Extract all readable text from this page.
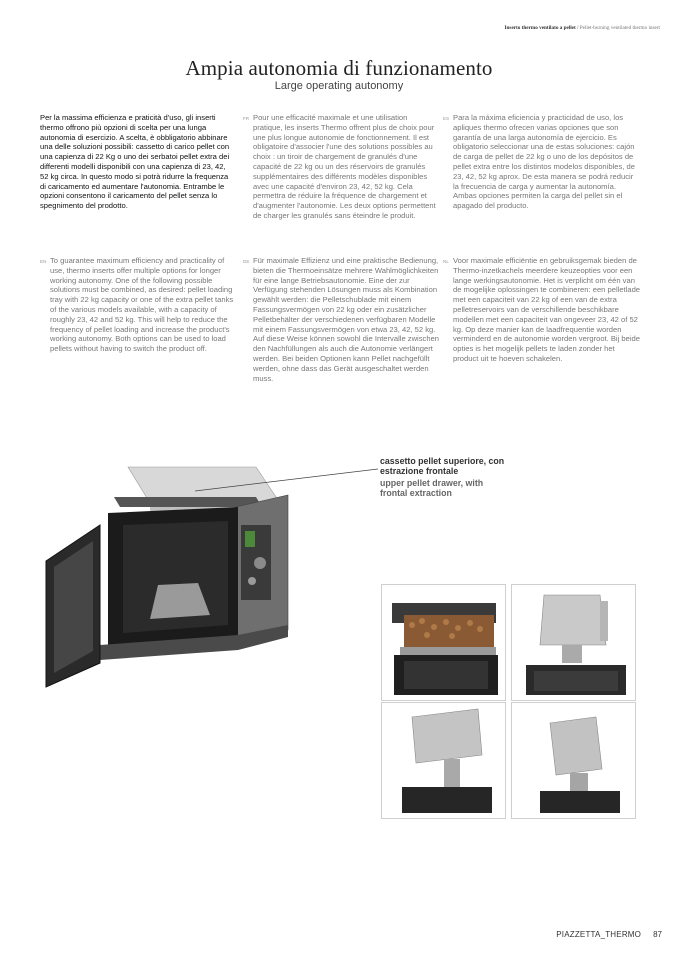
Inserto thermo ventilato a pellet / Pellet-burning ventilated thermo insert
Ampia autonomia di funzionamento
Large operating autonomy
Per la massima efficienza e praticità d'uso, gli inserti thermo offrono più opzioni di scelta per una lunga autonomia di esercizio. A scelta, è obbligatorio abbinare una delle soluzioni possibili: cassetto di carico pellet con una capienza di 22 Kg o uno dei serbatoi pellet extra dei differenti modelli disponibili con una capienza di 23, 42, 52 kg circa. In questo modo si potrà ridurre la frequenza di caricamento ed aumentare l'autonomia. Entrambe le opzioni consentono il caricamento del pellet senza lo spegnimento del prodotto.
FR Pour une efficacité maximale et une utilisation pratique, les inserts Thermo offrent plus de choix pour une plus longue autonomie de fonctionnement. Il est obligatoire d'associer l'une des solutions possibles au choix : un tiroir de chargement de granulés d'une capacité de 22 kg ou un des réservoirs de granulés supplémentaires des différents modèles disponibles avec une capacité d'environ 23, 42, 52 kg. Cela permettra de réduire la fréquence de chargement et d'augmenter l'autonomie. Les deux options permettent de charger les granulés sans éteindre le produit.
ES Para la máxima eficiencia y practicidad de uso, los apliques thermo ofrecen varias opciones que son garantía de una larga autonomía de ejercicio. Es obligatorio seleccionar una de estas soluciones: cajón de carga de pellet de 22 kg o uno de los depósitos de pellet extra entre los distintos modelos disponibles, de 23, 42, 52 kg aprox. De esta manera se podrá reducir la frecuencia de carga y aumentar la autonomía. Ambas opciones permiten la carga del pellet sin el apagado del producto.
EN To guarantee maximum efficiency and practicality of use, thermo inserts offer multiple options for longer working autonomy. One of the following possible solutions must be combined, as desired: pellet loading tray with 22 kg capacity or one of the extra pellet tanks of the various models available, with a capacity of roughly 23, 42 and 52 kg. This will help to reduce the frequency of pellet loading and increase the product's working autonomy. Both options can be used to load pellets without having to switch the product off.
DE Für maximale Effizienz und eine praktische Bedienung, bieten die Thermoeinsätze mehrere Wahlmöglichkeiten für eine lange Betriebsautonomie. Eine der zur Verfügung stehenden Lösungen muss als Kombination gewählt werden: die Pelletschublade mit einem Fassungsvermögen von 22 kg oder ein zusätzlicher Pelletbehälter der verschiedenen verfügbaren Modelle mit einem Fassungsvermögen von etwa 23, 42, 52 kg. Auf diese Weise können sowohl die Intervalle zwischen den Nachfüllungen als auch die Autonomie verlängert werden. Bei beiden Optionen kann Pellet nachgefüllt werden, ohne dass das Gerät ausgeschaltet werden muss.
NL Voor maximale efficiëntie en gebruiksgemak bieden de Thermo-inzetkachels meerdere keuzeopties voor een lange werkingsautonomie. Het is verplicht om één van de mogelijke oplossingen te combineren: een pelletlade met een capaciteit van 22 kg of een van de extra pelletreservoirs van de verschillende beschikbare modellen met een capaciteit van ongeveer 23, 42 of 52 kg. Op deze manier kan de laadfrequentie worden verminderd en de autonomie worden vergroot. Bij beide opties is het mogelijk pellets te laden zonder het product uit te hoeven schakelen.
cassetto pellet superiore, con estrazione frontale
upper pellet drawer, with frontal extraction
PIAZZETTA_THERMO 87
